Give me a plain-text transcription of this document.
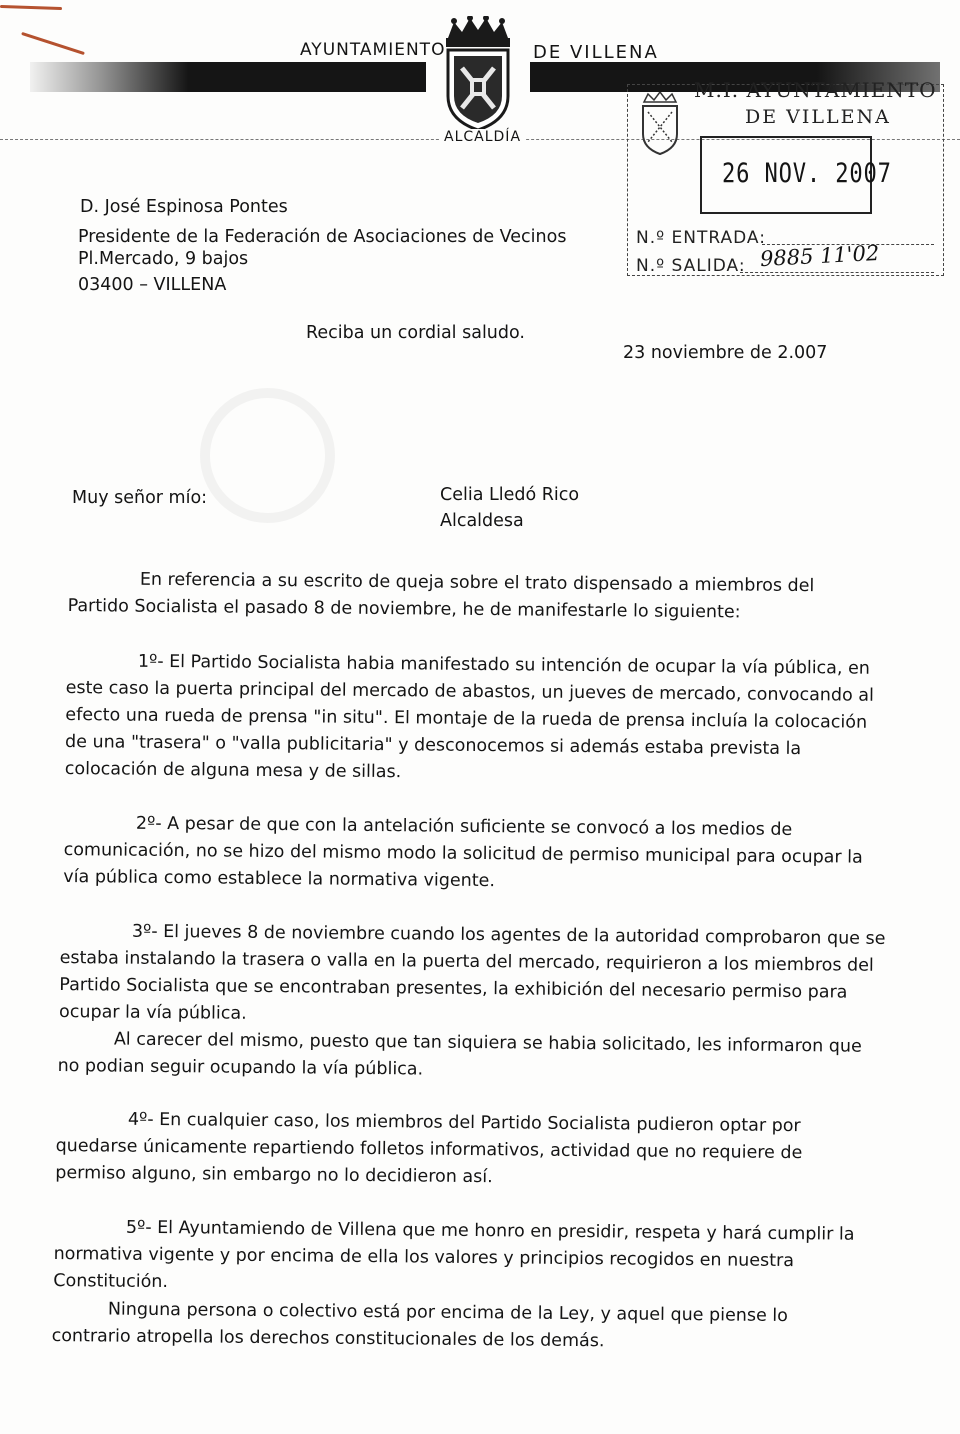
AYUNTAMIENTO	DE VILLENA
ALCALDÍA
M.I. AYUNTAMIENTO
DE VILLENA
26 NOV. 2007
N.º ENTRADA:
N.º SALIDA: 9885 11'02
D. José Espinosa Pontes
Presidente de la Federación de Asociaciones de Vecinos
Pl.Mercado, 9 bajos
03400 – VILLENA
Reciba un cordial saludo.
Celia Lledó Rico
Alcaldesa
23 noviembre de 2.007
Muy señor mío:
En referencia a su escrito de queja sobre el trato dispensado a miembros del Partido Socialista el pasado 8 de noviembre, he de manifestarle lo siguiente:
1º- El Partido Socialista habia manifestado su intención de ocupar la vía pública, en este caso la puerta principal del mercado de abastos, un jueves de mercado, convocando al efecto una rueda de prensa "in situ". El montaje de la rueda de prensa incluía la colocación de una "trasera" o "valla publicitaria" y desconocemos si además estaba prevista la colocación de alguna mesa y de sillas.
2º- A pesar de que con la antelación suficiente se convocó a los medios de comunicación, no se hizo del mismo modo la solicitud de permiso municipal para ocupar la vía pública como establece la normativa vigente.
3º- El jueves 8 de noviembre cuando los agentes de la autoridad comprobaron que se estaba instalando la trasera o valla en la puerta del mercado, requirieron a los miembros del Partido Socialista que se encontraban presentes, la exhibición del necesario permiso para ocupar la vía pública.
Al carecer del mismo, puesto que tan siquiera se habia solicitado, les informaron que no podian seguir ocupando la vía pública.
4º- En cualquier caso, los miembros del Partido Socialista pudieron optar por quedarse únicamente repartiendo folletos informativos, actividad que no requiere de permiso alguno, sin embargo no lo decidieron así.
5º- El Ayuntamiendo de Villena que me honro en presidir, respeta y hará cumplir la normativa vigente y por encima de ella los valores y principios recogidos en nuestra Constitución.
Ninguna persona o colectivo está por encima de la Ley, y aquel que piense lo contrario atropella los derechos constitucionales de los demás.
